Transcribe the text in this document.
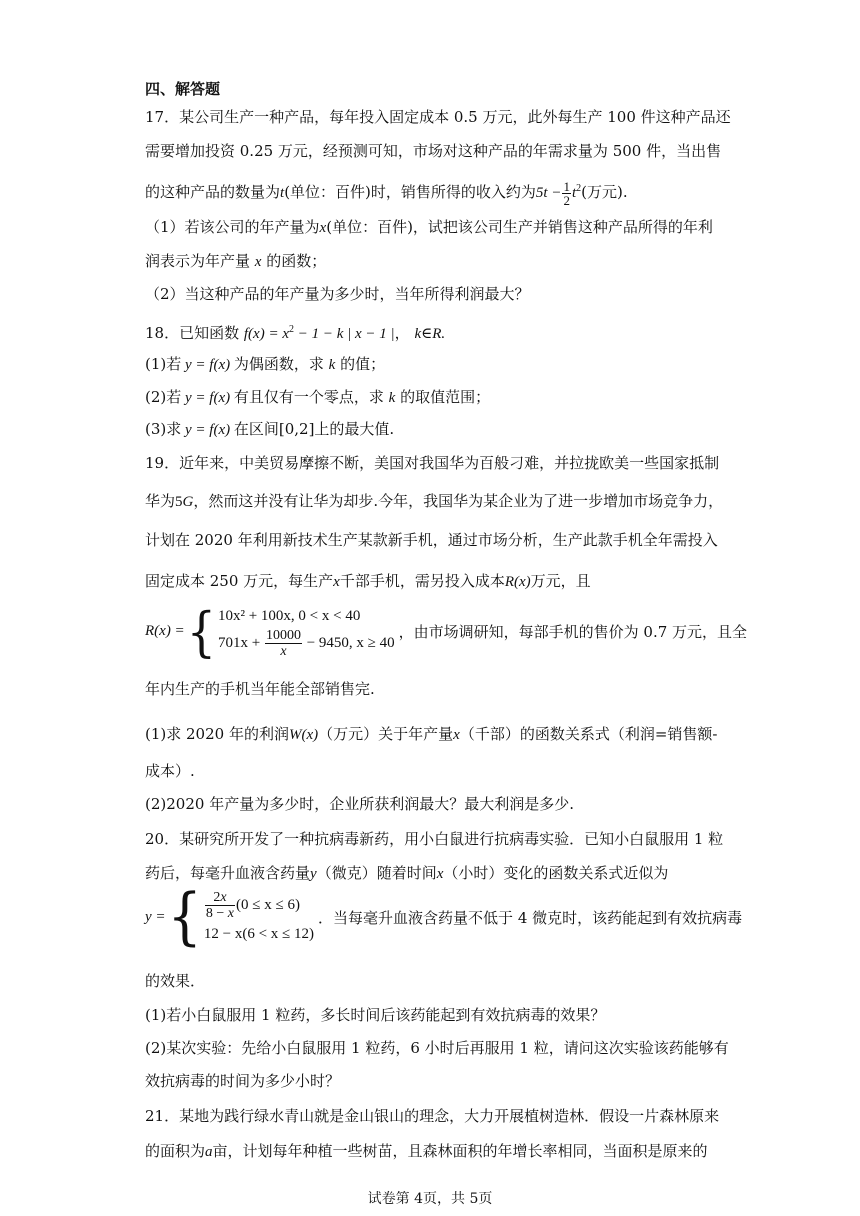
四、解答题
17．某公司生产一种产品，每年投入固定成本 0.5 万元，此外每生产 100 件这种产品还
需要增加投资 0.25 万元，经预测可知，市场对这种产品的年需求量为 500 件，当出售
的这种产品的数量为t(单位：百件)时，销售所得的收入约为$5t - \frac{1}{2} t^2$(万元).
（1）若该公司的年产量为x(单位：百件)，试把该公司生产并销售这种产品所得的年利
润表示为年产量 x 的函数；
（2）当这种产品的年产量为多少时，当年所得利润最大？
18．已知函数 $f(x) = x^2 - 1 - k$ | x − 1 |， k∈R.
(1)若 y = f(x) 为偶函数，求 k 的值；
(2)若 y = f(x) 有且仅有一个零点，求 k 的取值范围；
(3)求 y = f(x) 在区间[0,2]上的最大值.
19．近年来，中美贸易摩擦不断，美国对我国华为百般刁难，并拉拢欧美一些国家抵制
华为5G，然而这并没有让华为却步.今年，我国华为某企业为了进一步增加市场竞争力，
计划在 2020 年利用新技术生产某款新手机，通过市场分析，生产此款手机全年需投入
固定成本 250 万元，每生产x千部手机，需另投入成本R(x)万元，且
R(x) = { 10x² + 100x, 0 < x < 40
$701x + \frac{10000}{x} - 9450$, x ≥ 40
，由市场调研知，每部手机的售价为 0.7 万元，且全
年内生产的手机当年能全部销售完.
(1)求 2020 年的利润W(x)（万元）关于年产量x（千部）的函数关系式（利润=销售额-
成本）.
(2)2020 年产量为多少时，企业所获利润最大？最大利润是多少.
20．某研究所开发了一种抗病毒新药，用小白鼠进行抗病毒实验．已知小白鼠服用 1 粒
药后，每毫升血液含药量y（微克）随着时间x（小时）变化的函数关系式近似为
y = { $\frac{2x}{8 - x} (0 \le x \le 6)$
12 − x(6 < x ≤ 12)
．当每毫升血液含药量不低于 4 微克时，该药能起到有效抗病毒
的效果．
(1)若小白鼠服用 1 粒药，多长时间后该药能起到有效抗病毒的效果？
(2)某次实验：先给小白鼠服用 1 粒药，6 小时后再服用 1 粒，请问这次实验该药能够有
效抗病毒的时间为多少小时？
21．某地为践行绿水青山就是金山银山的理念，大力开展植树造林．假设一片森林原来
的面积为a亩，计划每年种植一些树苗，且森林面积的年增长率相同，当面积是原来的
试卷第 4页，共 5页
